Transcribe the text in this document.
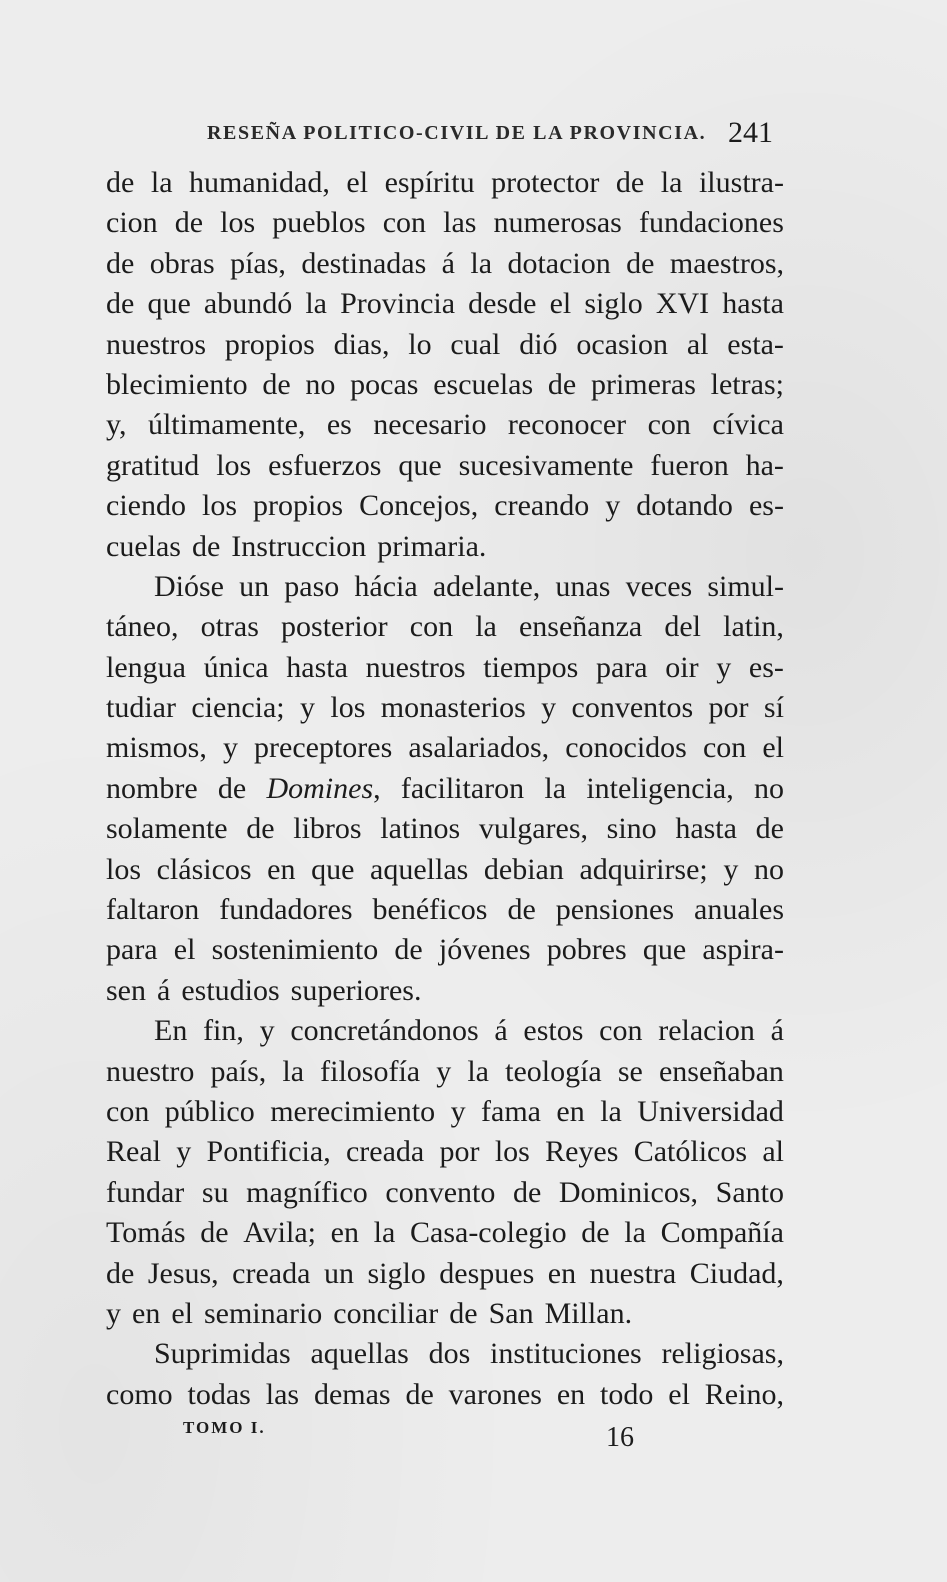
RESEÑA POLITICO-CIVIL DE LA PROVINCIA. 241
de la humanidad, el espíritu protector de la ilustra-
cion de los pueblos con las numerosas fundaciones
de obras pías, destinadas á la dotacion de maestros,
de que abundó la Provincia desde el siglo XVI hasta
nuestros propios dias, lo cual dió ocasion al esta-
blecimiento de no pocas escuelas de primeras letras;
y, últimamente, es necesario reconocer con cívica
gratitud los esfuerzos que sucesivamente fueron ha-
ciendo los propios Concejos, creando y dotando es-
cuelas de Instruccion primaria.
Dióse un paso hácia adelante, unas veces simul-
táneo, otras posterior con la enseñanza del latin,
lengua única hasta nuestros tiempos para oir y es-
tudiar ciencia; y los monasterios y conventos por sí
mismos, y preceptores asalariados, conocidos con el
nombre de Domines, facilitaron la inteligencia, no
solamente de libros latinos vulgares, sino hasta de
los clásicos en que aquellas debian adquirirse; y no
faltaron fundadores benéficos de pensiones anuales
para el sostenimiento de jóvenes pobres que aspira-
sen á estudios superiores.
En fin, y concretándonos á estos con relacion á
nuestro país, la filosofía y la teología se enseñaban
con público merecimiento y fama en la Universidad
Real y Pontificia, creada por los Reyes Católicos al
fundar su magnífico convento de Dominicos, Santo
Tomás de Avila; en la Casa-colegio de la Compañía
de Jesus, creada un siglo despues en nuestra Ciudad,
y en el seminario conciliar de San Millan.
Suprimidas aquellas dos instituciones religiosas,
como todas las demas de varones en todo el Reino,
TOMO I.	16
